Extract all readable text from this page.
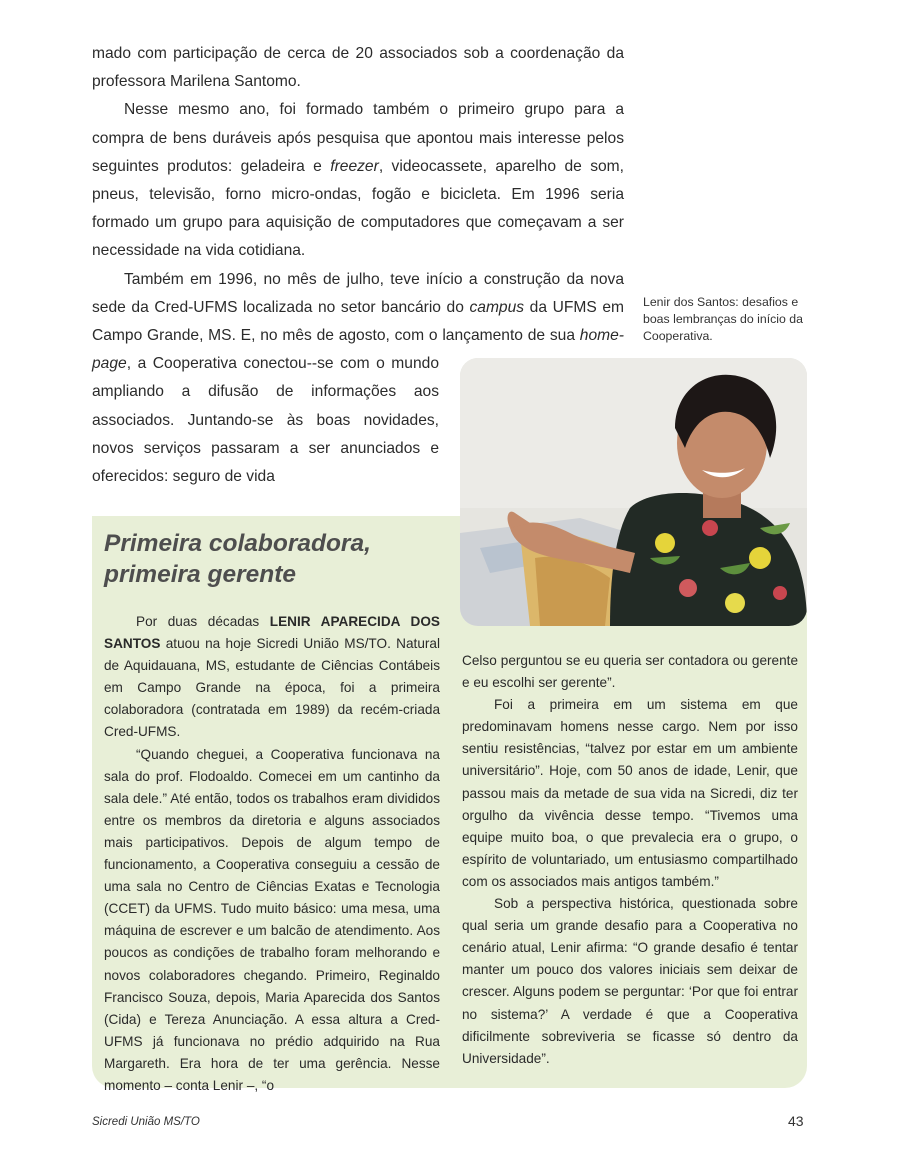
mado com participação de cerca de 20 associados sob a coordenação da professora Marilena Santomo.

Nesse mesmo ano, foi formado também o primeiro grupo para a compra de bens duráveis após pesquisa que apontou mais interesse pelos seguintes produtos: geladeira e freezer, videocassete, aparelho de som, pneus, televisão, forno micro-ondas, fogão e bicicleta. Em 1996 seria formado um grupo para aquisição de computadores que começavam a ser necessidade na vida cotidiana.

Também em 1996, no mês de julho, teve início a construção da nova sede da Cred-UFMS localizada no setor bancário do campus da UFMS em Campo Grande, MS. E, no mês de agosto, com o lançamento de sua
home-page, a Cooperativa conectou--se com o mundo ampliando a difusão de informações aos associados. Juntando-se às boas novidades, novos serviços passaram a ser anunciados e oferecidos: seguro de vida

Lenir dos Santos: desafios e boas lembranças do início da Cooperativa.
Primeira colaboradora, primeira gerente

Por duas décadas LENIR APARECIDA DOS SANTOS atuou na hoje Sicredi União MS/TO. Natural de Aquidauana, MS, estudante de Ciências Contábeis em Campo Grande na época, foi a primeira colaboradora (contratada em 1989) da recém-criada Cred-UFMS.

“Quando cheguei, a Cooperativa funcionava na sala do prof. Flodoaldo. Comecei em um cantinho da sala dele.” Até então, todos os trabalhos eram divididos entre os membros da diretoria e alguns associados mais participativos. Depois de algum tempo de funcionamento, a Cooperativa conseguiu a cessão de uma sala no Centro de Ciências Exatas e Tecnologia (CCET) da UFMS. Tudo muito básico: uma mesa, uma máquina de escrever e um balcão de atendimento. Aos poucos as condições de trabalho foram melhorando e novos colaboradores chegando. Primeiro, Reginaldo Francisco Souza, depois, Maria Aparecida dos Santos (Cida) e Tereza Anunciação. A essa altura a Cred-UFMS já funcionava no prédio adquirido na Rua Margareth. Era hora de ter uma gerência. Nesse momento – conta Lenir –, “o

Celso perguntou se eu queria ser contadora ou gerente e eu escolhi ser gerente”.

Foi a primeira em um sistema em que predominavam homens nesse cargo. Nem por isso sentiu resistências, “talvez por estar em um ambiente universitário”. Hoje, com 50 anos de idade, Lenir, que passou mais da metade de sua vida na Sicredi, diz ter orgulho da vivência desse tempo. “Tivemos uma equipe muito boa, o que prevalecia era o grupo, o espírito de voluntariado, um entusiasmo compartilhado com os associados mais antigos também.”

Sob a perspectiva histórica, questionada sobre qual seria um grande desafio para a Cooperativa no cenário atual, Lenir afirma: “O grande desafio é tentar manter um pouco dos valores iniciais sem deixar de crescer. Alguns podem se perguntar: ‘Por que foi entrar no sistema?’ A verdade é que a Cooperativa dificilmente sobreviveria se ficasse só dentro da Universidade”.

Sicredi União MS/TO	43
